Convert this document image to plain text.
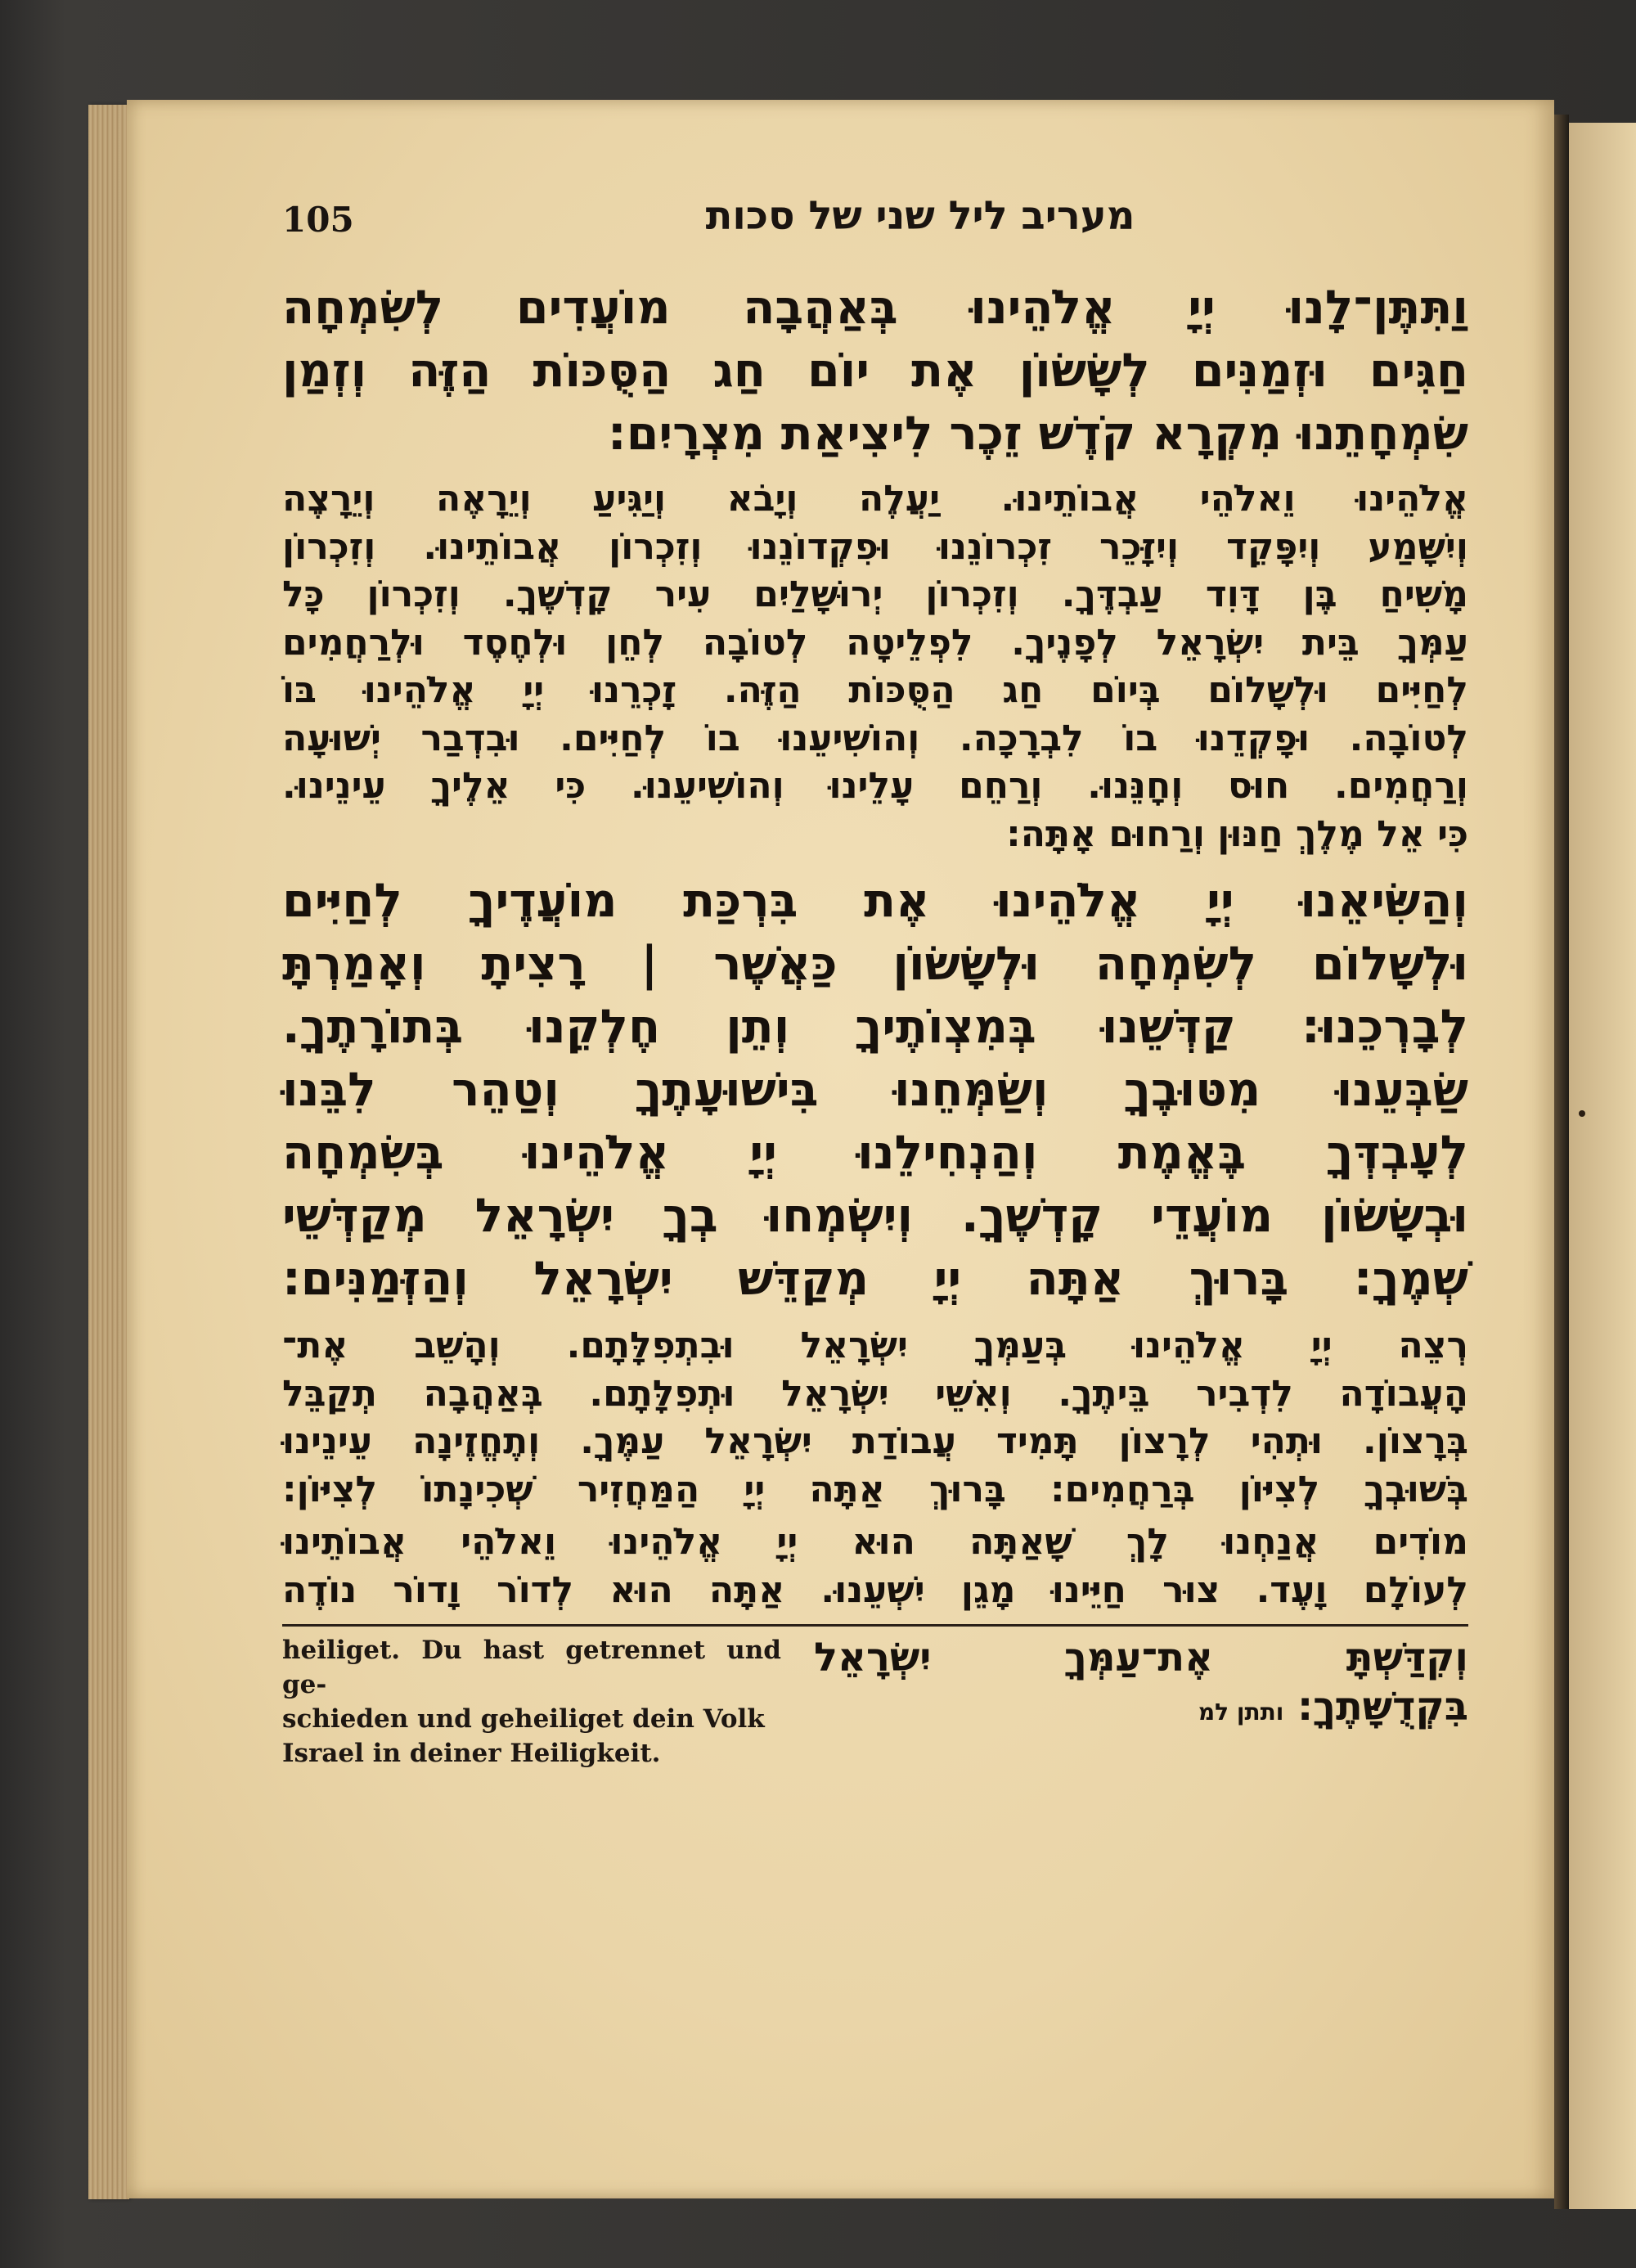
105	מעריב ליל שני של סכות
וַתִּתֶּן־לָנוּ יְיָ אֱלֹהֵינוּ בְּאַהֲבָה מוֹעֲדִים לְשִׂמְחָה
חַגִּים וּזְמַנִּים לְשָׂשׂוֹן אֶת יוֹם חַג הַסֻּכּוֹת הַזֶּה וְזְמַן
שִׂמְחָתֵנוּ מִקְרָא קֹדֶשׁ זֵכֶר לִיצִיאַת מִצְרָיִם:
אֱלֹהֵינוּ וֵאלֹהֵי אֲבוֹתֵינוּ. יַעֲלֶה וְיָבֹא וְיַגִּיעַ וְיֵרָאֶה וְיֵרָצֶה
וְיִשָּׁמַע וְיִפָּקֵד וְיִזָּכֵר זִכְרוֹנֵנוּ וּפִקְדוֹנֵנוּ וְזִכְרוֹן אֲבוֹתֵינוּ. וְזִכְרוֹן
מָשִׁיחַ בֶּן דָּוִד עַבְדֶּךָ. וְזִכְרוֹן יְרוּשָׁלַיִם עִיר קָדְשֶׁךָ. וְזִכְרוֹן כָּל
עַמְּךָ בֵּית יִשְׂרָאֵל לְפָנֶיךָ. לִפְלֵיטָה לְטוֹבָה לְחֵן וּלְחֶסֶד וּלְרַחֲמִים
לְחַיִּים וּלְשָׁלוֹם בְּיוֹם חַג הַסֻּכּוֹת הַזֶּה. זָכְרֵנוּ יְיָ אֱלֹהֵינוּ בּוֹ
לְטוֹבָה. וּפָקְדֵנוּ בוֹ לִבְרָכָה. וְהוֹשִׁיעֵנוּ בוֹ לְחַיִּים. וּבִדְבַר יְשׁוּעָה
וְרַחֲמִים. חוּס וְחָנֵּנוּ. וְרַחֵם עָלֵינוּ וְהוֹשִׁיעֵנוּ. כִּי אֵלֶיךָ עֵינֵינוּ.
כִּי אֵל מֶלֶךְ חַנּוּן וְרַחוּם אָתָּה:
וְהַשִּׂיאֵנוּ יְיָ אֱלֹהֵינוּ אֶת בִּרְכַּת מוֹעֲדֶיךָ לְחַיִּים
וּלְשָׁלוֹם לְשִׂמְחָה וּלְשָׂשׂוֹן כַּאֲשֶׁר | רָצִיתָ וְאָמַרְתָּ
לְבָרְכֵנוּ: קַדְּשֵׁנוּ בְּמִצְוֹתֶיךָ וְתֵן חֶלְקֵנוּ בְּתוֹרָתֶךָ.
שַׂבְּעֵנוּ מִטּוּבֶךָ וְשַׂמְּחֵנוּ בִּישׁוּעָתֶךָ וְטַהֵר לִבֵּנוּ
לְעָבְדְּךָ בֶּאֱמֶת וְהַנְחִילֵנוּ יְיָ אֱלֹהֵינוּ בְּשִׂמְחָה
וּבְשָׂשׂוֹן מוֹעֲדֵי קָדְשֶׁךָ. וְיִשְׂמְחוּ בְךָ יִשְׂרָאֵל מְקַדְּשֵׁי
שְׁמֶךָ: בָּרוּךְ אַתָּה יְיָ מְקַדֵּשׁ יִשְׂרָאֵל וְהַזְּמַנִּים:
רְצֵה יְיָ אֱלֹהֵינוּ בְּעַמְּךָ יִשְׂרָאֵל וּבִתְפִלָּתָם. וְהָשֵׁב אֶת־
הָעֲבוֹדָה לִדְבִיר בֵּיתֶךָ. וְאִשֵּׁי יִשְׂרָאֵל וּתְפִלָּתָם. בְּאַהֲבָה תְקַבֵּל
בְּרָצוֹן. וּתְהִי לְרָצוֹן תָּמִיד עֲבוֹדַת יִשְׂרָאֵל עַמֶּךָ. וְתֶחֱזֶינָה עֵינֵינוּ
בְּשׁוּבְךָ לְצִיּוֹן בְּרַחֲמִים: בָּרוּךְ אַתָּה יְיָ הַמַּחֲזִיר שְׁכִינָתוֹ לְצִיּוֹן:
מוֹדִים אֲנַחְנוּ לָךְ שָׁאַתָּה הוּא יְיָ אֱלֹהֵינוּ וֵאלֹהֵי אֲבוֹתֵינוּ
לְעוֹלָם וָעֶד. צוּר חַיֵּינוּ מָגֵן יִשְׁעֵנוּ. אַתָּה הוּא לְדוֹר וָדוֹר נוֹדֶה
heiliget. Du hast getrennet und ge-
schieden und geheiliget dein Volk
Israel in deiner Heiligkeit.
וְקִדַּשְׁתָּ אֶת־עַמְּךָ יִשְׂרָאֵל
בִּקְדֻשָּׁתֶךָ: ותתן למ
